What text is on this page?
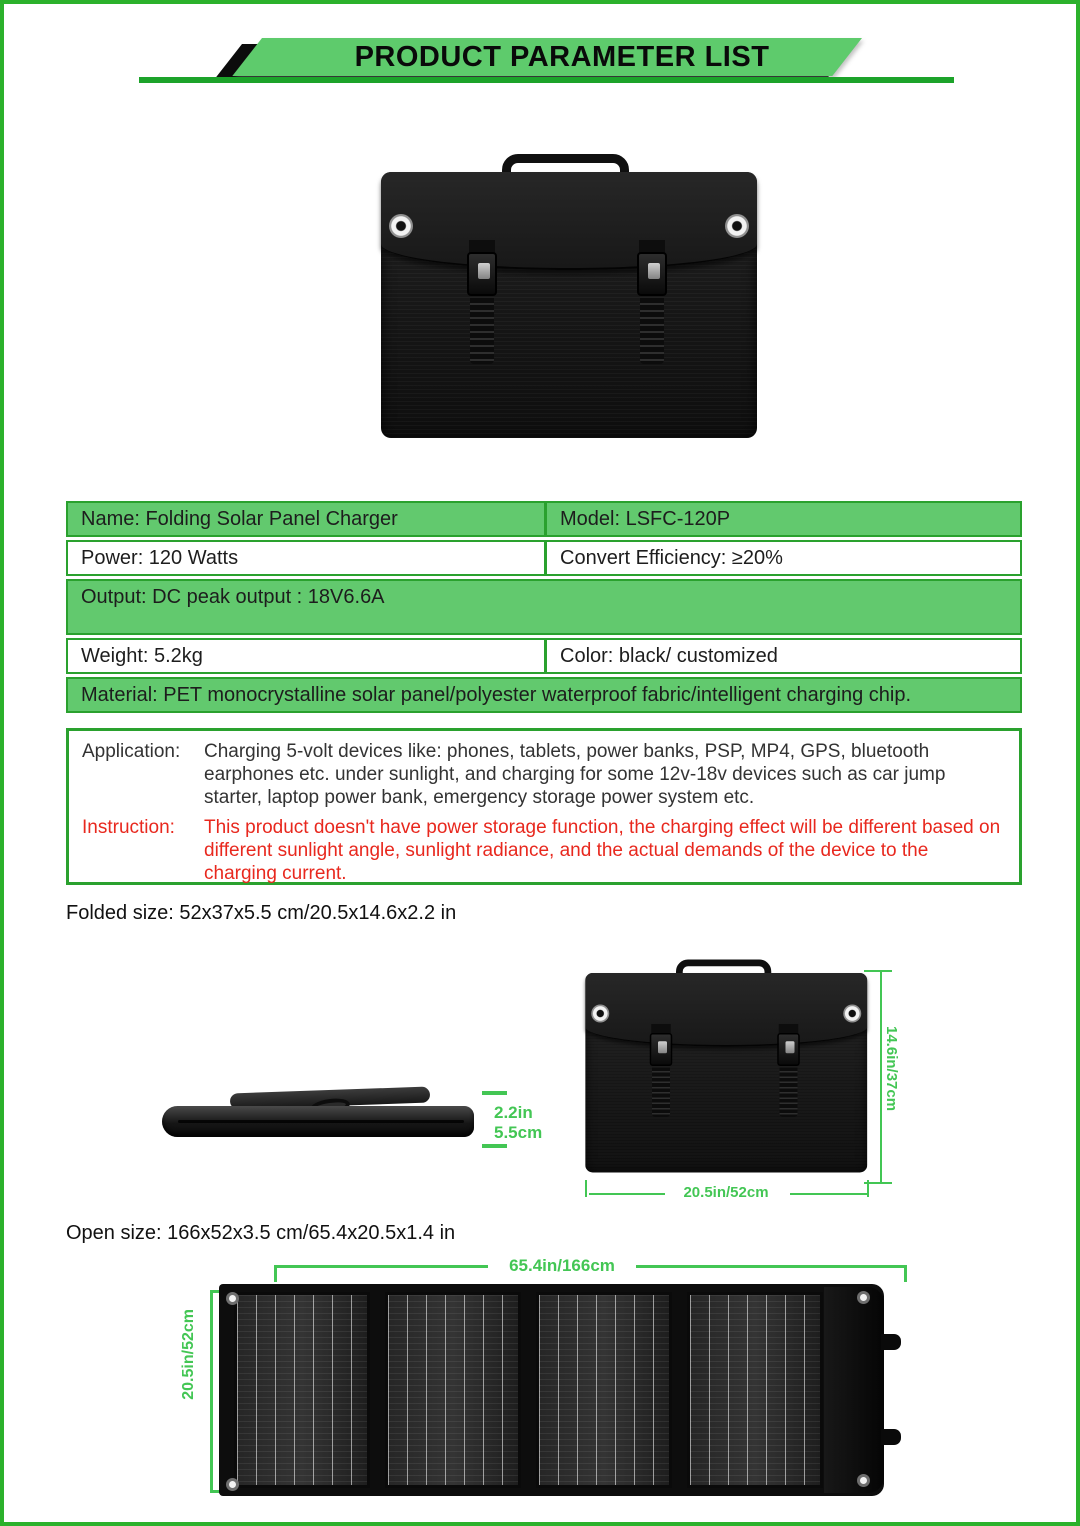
PRODUCT PARAMETER LIST
Name: Folding Solar Panel Charger	Model: LSFC-120P
Power: 120 Watts	Convert Efficiency: ≥20%
Output: DC peak output : 18V6.6A
Weight: 5.2kg	Color: black/ customized
Material: PET monocrystalline solar panel/polyester waterproof fabric/intelligent charging chip.
Application:	Charging 5-volt devices like: phones, tablets, power banks, PSP, MP4, GPS, bluetooth earphones etc. under sunlight, and charging for some 12v-18v devices such as car jump starter, laptop power bank, emergency storage power system etc.
Instruction:	This product doesn't have power storage function, the charging effect will be different based on different sunlight angle, sunlight radiance, and the actual demands of the device to the charging current.
Folded size: 52x37x5.5 cm/20.5x14.6x2.2 in
2.2in
5.5cm
14.6in/37cm
20.5in/52cm
Open size: 166x52x3.5 cm/65.4x20.5x1.4 in
65.4in/166cm
20.5in/52cm
